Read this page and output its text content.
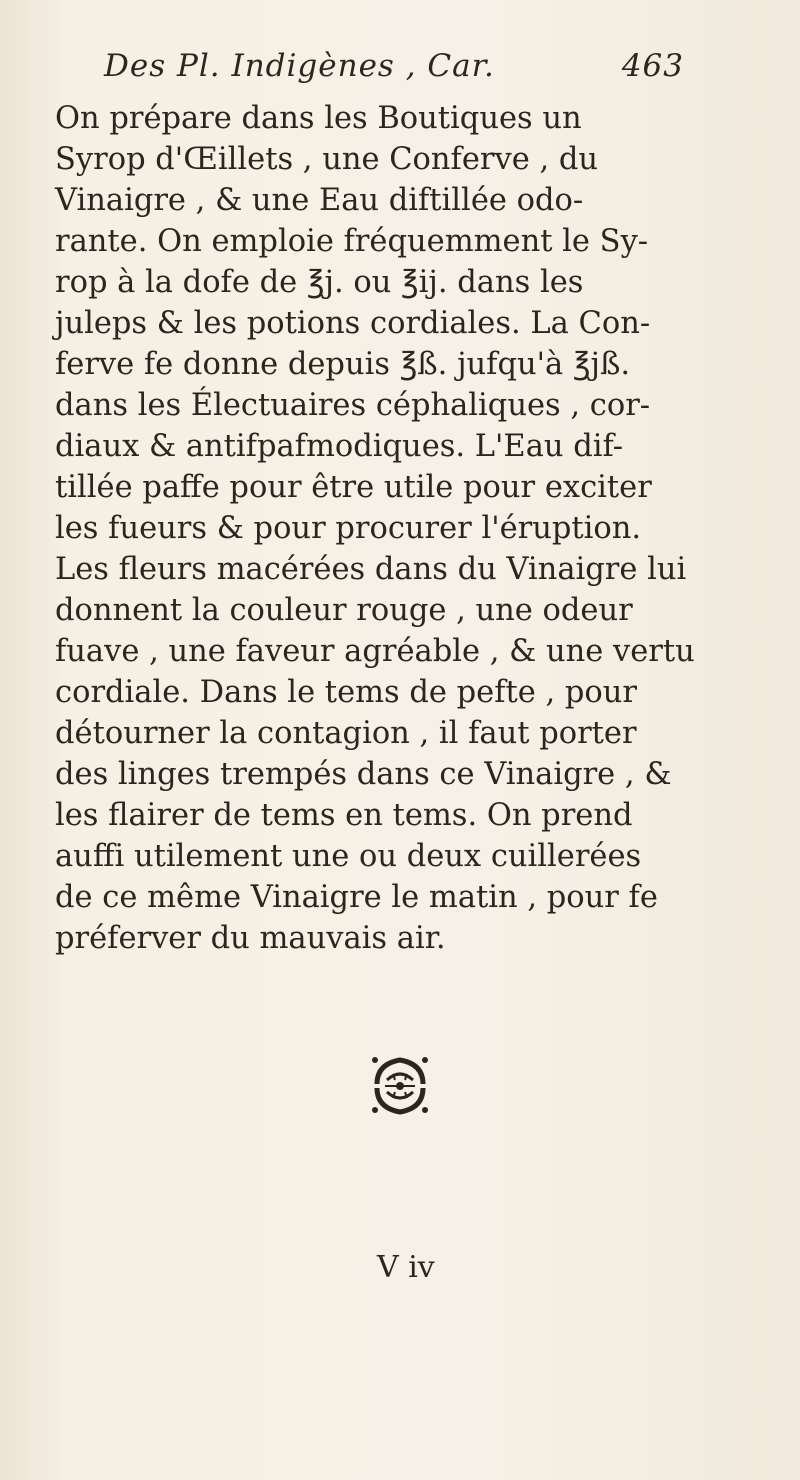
Des Pl. Indigènes , Car.	463
On prépare dans les Boutiques un
Syrop d'Œillets , une Conferve , du
Vinaigre , & une Eau diftillée odo-
rante. On emploie fréquemment le Sy-
rop à la dofe de ℥j. ou ℥ij. dans les
juleps & les potions cordiales. La Con-
ferve fe donne depuis ℥ß. jufqu'à ℥jß.
dans les Électuaires céphaliques , cor-
diaux & antifpafmodiques. L'Eau dif-
tillée paffe pour être utile pour exciter
les fueurs & pour procurer l'éruption.
Les fleurs macérées dans du Vinaigre lui
donnent la couleur rouge , une odeur
fuave , une faveur agréable , & une vertu
cordiale. Dans le tems de pefte , pour
détourner la contagion , il faut porter
des linges trempés dans ce Vinaigre , &
les flairer de tems en tems. On prend
auffi utilement une ou deux cuillerées
de ce même Vinaigre le matin , pour fe
préferver du mauvais air.
V iv
